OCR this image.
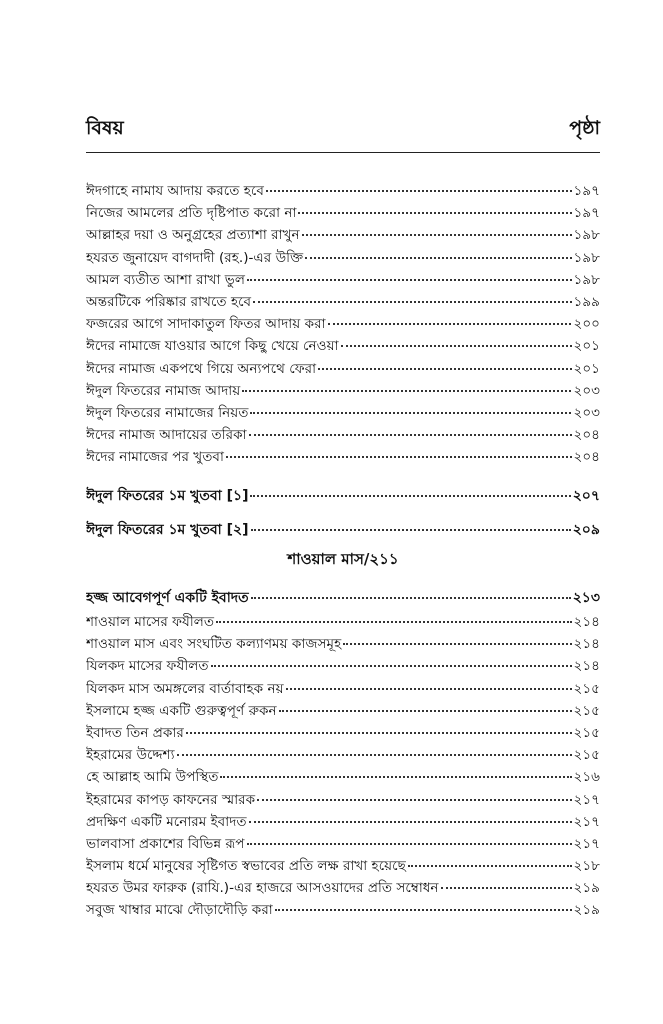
বিষয়	পৃষ্ঠা
ঈদগাহে নামায আদায় করতে হবে	১৯৭
নিজের আমলের প্রতি দৃষ্টিপাত করো না	১৯৭
আল্লাহর দয়া ও অনুগ্রহের প্রত্যাশা রাখুন	১৯৮
হযরত জুনায়েদ বাগদাদী (রহ.)-এর উক্তি	১৯৮
আমল ব্যতীত আশা রাখা ভুল	১৯৮
অন্তরটিকে পরিষ্কার রাখতে হবে	১৯৯
ফজরের আগে সাদাকাতুল ফিতর আদায় করা	২০০
ঈদের নামাজে যাওয়ার আগে কিছু খেয়ে নেওয়া	২০১
ঈদের নামাজ একপথে গিয়ে অন্যপথে ফেরা	২০১
ঈদুল ফিতরের নামাজ আদায়	২০৩
ঈদুল ফিতরের নামাজের নিয়ত	২০৩
ঈদের নামাজ আদায়ের তরিকা	২০৪
ঈদের নামাজের পর খুতবা	২০৪
ঈদুল ফিতরের ১ম খুতবা [১]	২০৭
ঈদুল ফিতরের ১ম খুতবা [২]	২০৯
শাওয়াল মাস/২১১
হজ্জ আবেগপূর্ণ একটি ইবাদত	২১৩
শাওয়াল মাসের ফযীলত	২১৪
শাওয়াল মাস এবং সংঘটিত কল্যাণময় কাজসমূহ	২১৪
যিলকদ মাসের ফযীলত	২১৪
যিলকদ মাস অমঙ্গলের বার্তাবাহক নয়	২১৫
ইসলামে হজ্জ একটি গুরুত্বপূর্ণ রুকন	২১৫
ইবাদত তিন প্রকার	২১৫
ইহরামের উদ্দেশ্য	২১৫
হে আল্লাহ আমি উপস্থিত	২১৬
ইহরামের কাপড় কাফনের স্মারক	২১৭
প্রদক্ষিণ একটি মনোরম ইবাদত	২১৭
ভালবাসা প্রকাশের বিভিন্ন রূপ	২১৭
ইসলাম ধর্মে মানুষের সৃষ্টিগত স্বভাবের প্রতি লক্ষ রাখা হয়েছে	২১৮
হযরত উমর ফারুক (রাযি.)-এর হাজরে আসওয়াদের প্রতি সম্বোধন	২১৯
সবুজ খাম্বার মাঝে দৌড়াদৌড়ি করা	২১৯
